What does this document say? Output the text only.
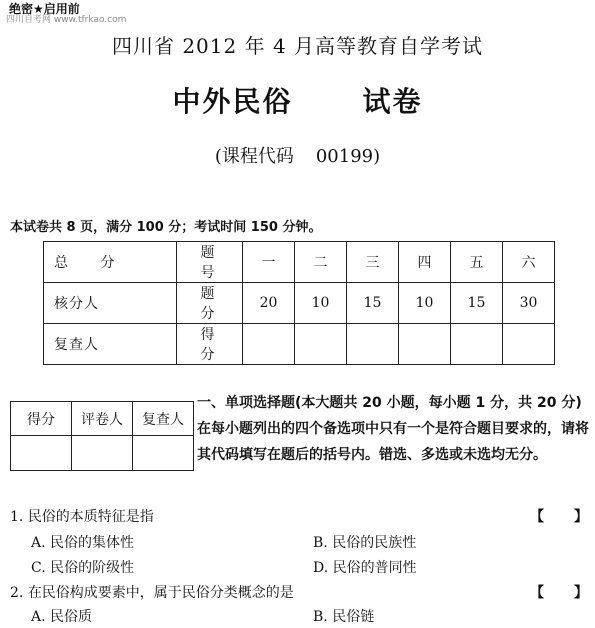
绝密★启用前
四川自考网 www.tfrkao.com
四川省 2012 年 4 月高等教育自学考试
中外民俗	试卷
(课程代码 00199)
本试卷共 8 页，满分 100 分；考试时间 150 分钟。
总 分	题 号	一	二	三	四	五	六
核分人	题 分	20	10	15	10	15	30
复查人	得 分						
得分	评卷人	复查人

一、单项选择题(本大题共 20 小题，每小题 1 分，共 20 分)在每小题列出的四个备选项中只有一个是符合题目要求的，请将其代码填写在题后的括号内。错选、多选或未选均无分。
1. 民俗的本质特征是指	【 】
A. 民俗的集体性	B. 民俗的民族性
C. 民俗的阶级性	D. 民俗的普同性
2. 在民俗构成要素中，属于民俗分类概念的是	【 】
A. 民俗质	B. 民俗链
